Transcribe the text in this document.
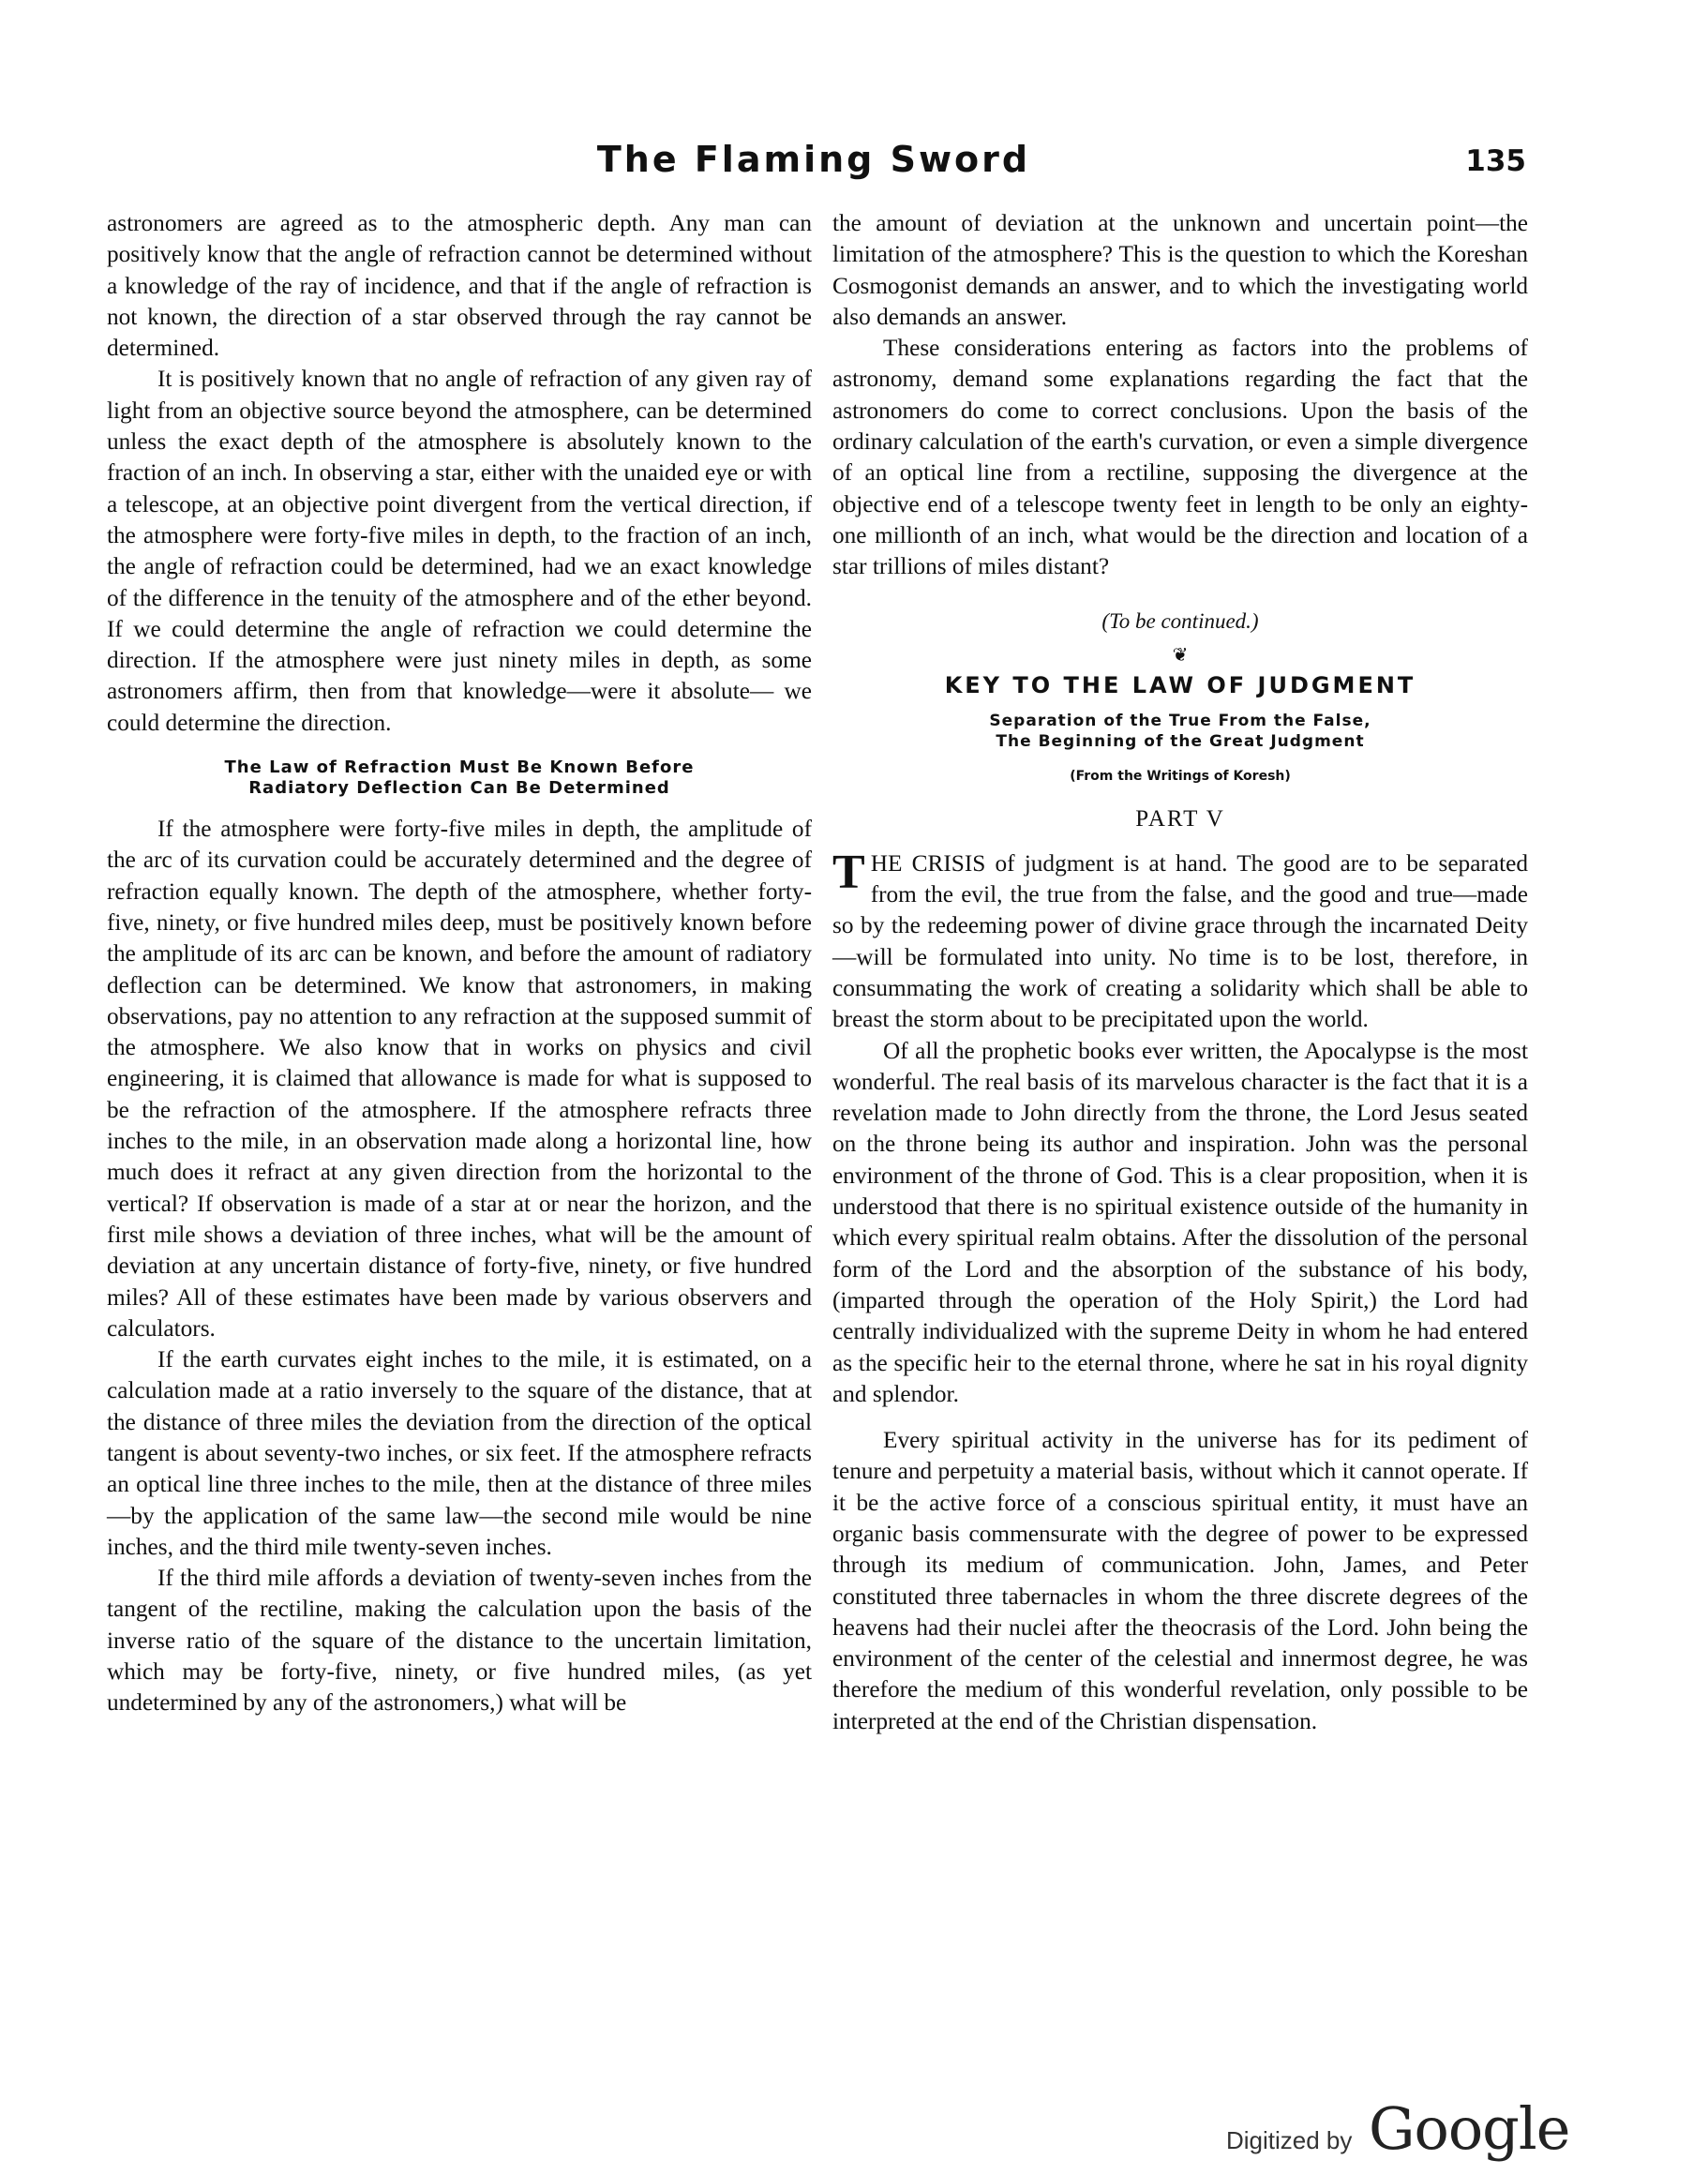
The Flaming Sword	135

astronomers are agreed as to the atmospheric depth. Any man can positively know that the angle of refraction cannot be determined without a knowledge of the ray of incidence, and that if the angle of refraction is not known, the direction of a star observed through the ray cannot be determined.

It is positively known that no angle of refraction of any given ray of light from an objective source beyond the atmosphere, can be determined unless the exact depth of the atmosphere is absolutely known to the fraction of an inch. In observing a star, either with the unaided eye or with a telescope, at an objective point divergent from the vertical direction, if the atmosphere were forty-five miles in depth, to the fraction of an inch, the angle of refraction could be determined, had we an exact knowledge of the difference in the tenuity of the atmosphere and of the ether beyond. If we could determine the angle of refraction we could determine the direction. If the atmosphere were just ninety miles in depth, as some astronomers affirm, then from that knowledge—were it absolute— we could determine the direction.

The Law of Refraction Must Be Known Before
Radiatory Deflection Can Be Determined

If the atmosphere were forty-five miles in depth, the amplitude of the arc of its curvation could be accurately determined and the degree of refraction equally known. The depth of the atmosphere, whether forty-five, ninety, or five hundred miles deep, must be positively known before the amplitude of its arc can be known, and before the amount of radiatory deflection can be determined. We know that astronomers, in making observations, pay no attention to any refraction at the supposed summit of the atmosphere. We also know that in works on physics and civil engineering, it is claimed that allowance is made for what is supposed to be the refraction of the atmosphere. If the atmosphere refracts three inches to the mile, in an observation made along a horizontal line, how much does it refract at any given direction from the horizontal to the vertical? If observation is made of a star at or near the horizon, and the first mile shows a deviation of three inches, what will be the amount of deviation at any uncertain distance of forty-five, ninety, or five hundred miles? All of these estimates have been made by various observers and calculators.

If the earth curvates eight inches to the mile, it is estimated, on a calculation made at a ratio inversely to the square of the distance, that at the distance of three miles the deviation from the direction of the optical tangent is about seventy-two inches, or six feet. If the atmosphere refracts an optical line three inches to the mile, then at the distance of three miles—by the application of the same law—the second mile would be nine inches, and the third mile twenty-seven inches.

If the third mile affords a deviation of twenty-seven inches from the tangent of the rectiline, making the calculation upon the basis of the inverse ratio of the square of the distance to the uncertain limitation, which may be forty-five, ninety, or five hundred miles, (as yet undetermined by any of the astronomers,) what will be

the amount of deviation at the unknown and uncertain point—the limitation of the atmosphere? This is the question to which the Koreshan Cosmogonist demands an answer, and to which the investigating world also demands an answer.

These considerations entering as factors into the problems of astronomy, demand some explanations regarding the fact that the astronomers do come to correct conclusions. Upon the basis of the ordinary calculation of the earth's curvation, or even a simple divergence of an optical line from a rectiline, supposing the divergence at the objective end of a telescope twenty feet in length to be only an eighty-one millionth of an inch, what would be the direction and location of a star trillions of miles distant?

(To be continued.)
❦
KEY TO THE LAW OF JUDGMENT
Separation of the True From the False,
The Beginning of the Great Judgment
(From the Writings of Koresh)
PART V

THE CRISIS of judgment is at hand. The good are to be separated from the evil, the true from the false, and the good and true—made so by the redeeming power of divine grace through the incarnated Deity—will be formulated into unity. No time is to be lost, therefore, in consummating the work of creating a solidarity which shall be able to breast the storm about to be precipitated upon the world.

Of all the prophetic books ever written, the Apocalypse is the most wonderful. The real basis of its marvelous character is the fact that it is a revelation made to John directly from the throne, the Lord Jesus seated on the throne being its author and inspiration. John was the personal environment of the throne of God. This is a clear proposition, when it is understood that there is no spiritual existence outside of the humanity in which every spiritual realm obtains. After the dissolution of the personal form of the Lord and the absorption of the substance of his body, (imparted through the operation of the Holy Spirit,) the Lord had centrally individualized with the supreme Deity in whom he had entered as the specific heir to the eternal throne, where he sat in his royal dignity and splendor.

Every spiritual activity in the universe has for its pediment of tenure and perpetuity a material basis, without which it cannot operate. If it be the active force of a conscious spiritual entity, it must have an organic basis commensurate with the degree of power to be expressed through its medium of communication. John, James, and Peter constituted three tabernacles in whom the three discrete degrees of the heavens had their nuclei after the theocrasis of the Lord. John being the environment of the center of the celestial and innermost degree, he was therefore the medium of this wonderful revelation, only possible to be interpreted at the end of the Christian dispensation.

Digitized by Google
